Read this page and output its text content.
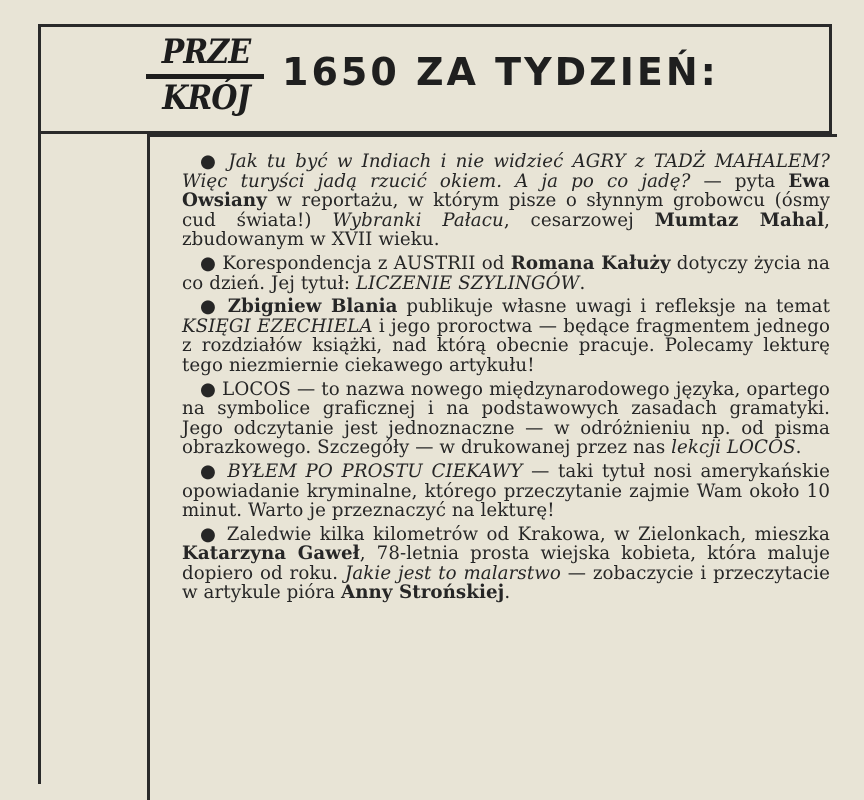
PRZE
KRÓJ
1650 ZA TYDZIEŃ:

● Jak tu być w Indiach i nie widzieć AGRY z TADŻ MAHALEM? Więc turyści jadą rzucić okiem. A ja po co jadę? — pyta Ewa Owsiany w reportażu, w którym pisze o słynnym grobowcu (ósmy cud świata!) Wybranki Pałacu, cesarzowej Mumtaz Mahal, zbudowanym w XVII wieku.

● Korespondencja z AUSTRII od Romana Kałuży dotyczy życia na co dzień. Jej tytuł: LICZENIE SZYLINGÓW.

● Zbigniew Blania publikuje własne uwagi i refleksje na temat KSIĘGI EZECHIELA i jego proroctwa — będące fragmentem jednego z rozdziałów książki, nad którą obecnie pracuje. Polecamy lekturę tego niezmiernie ciekawego artykułu!

● LOCOS — to nazwa nowego międzynarodowego języka, opartego na symbolice graficznej i na podstawowych zasadach gramatyki. Jego odczytanie jest jednoznaczne — w odróżnieniu np. od pisma obrazkowego. Szczegóły — w drukowanej przez nas lekcji LOCOS.

● BYŁEM PO PROSTU CIEKAWY — taki tytuł nosi amerykańskie opowiadanie kryminalne, którego przeczytanie zajmie Wam około 10 minut. Warto je przeznaczyć na lekturę!

● Zaledwie kilka kilometrów od Krakowa, w Zielonkach, mieszka Katarzyna Gaweł, 78-letnia prosta wiejska kobieta, która maluje dopiero od roku. Jakie jest to malarstwo — zobaczycie i przeczytacie w artykule pióra Anny Strońskiej.
